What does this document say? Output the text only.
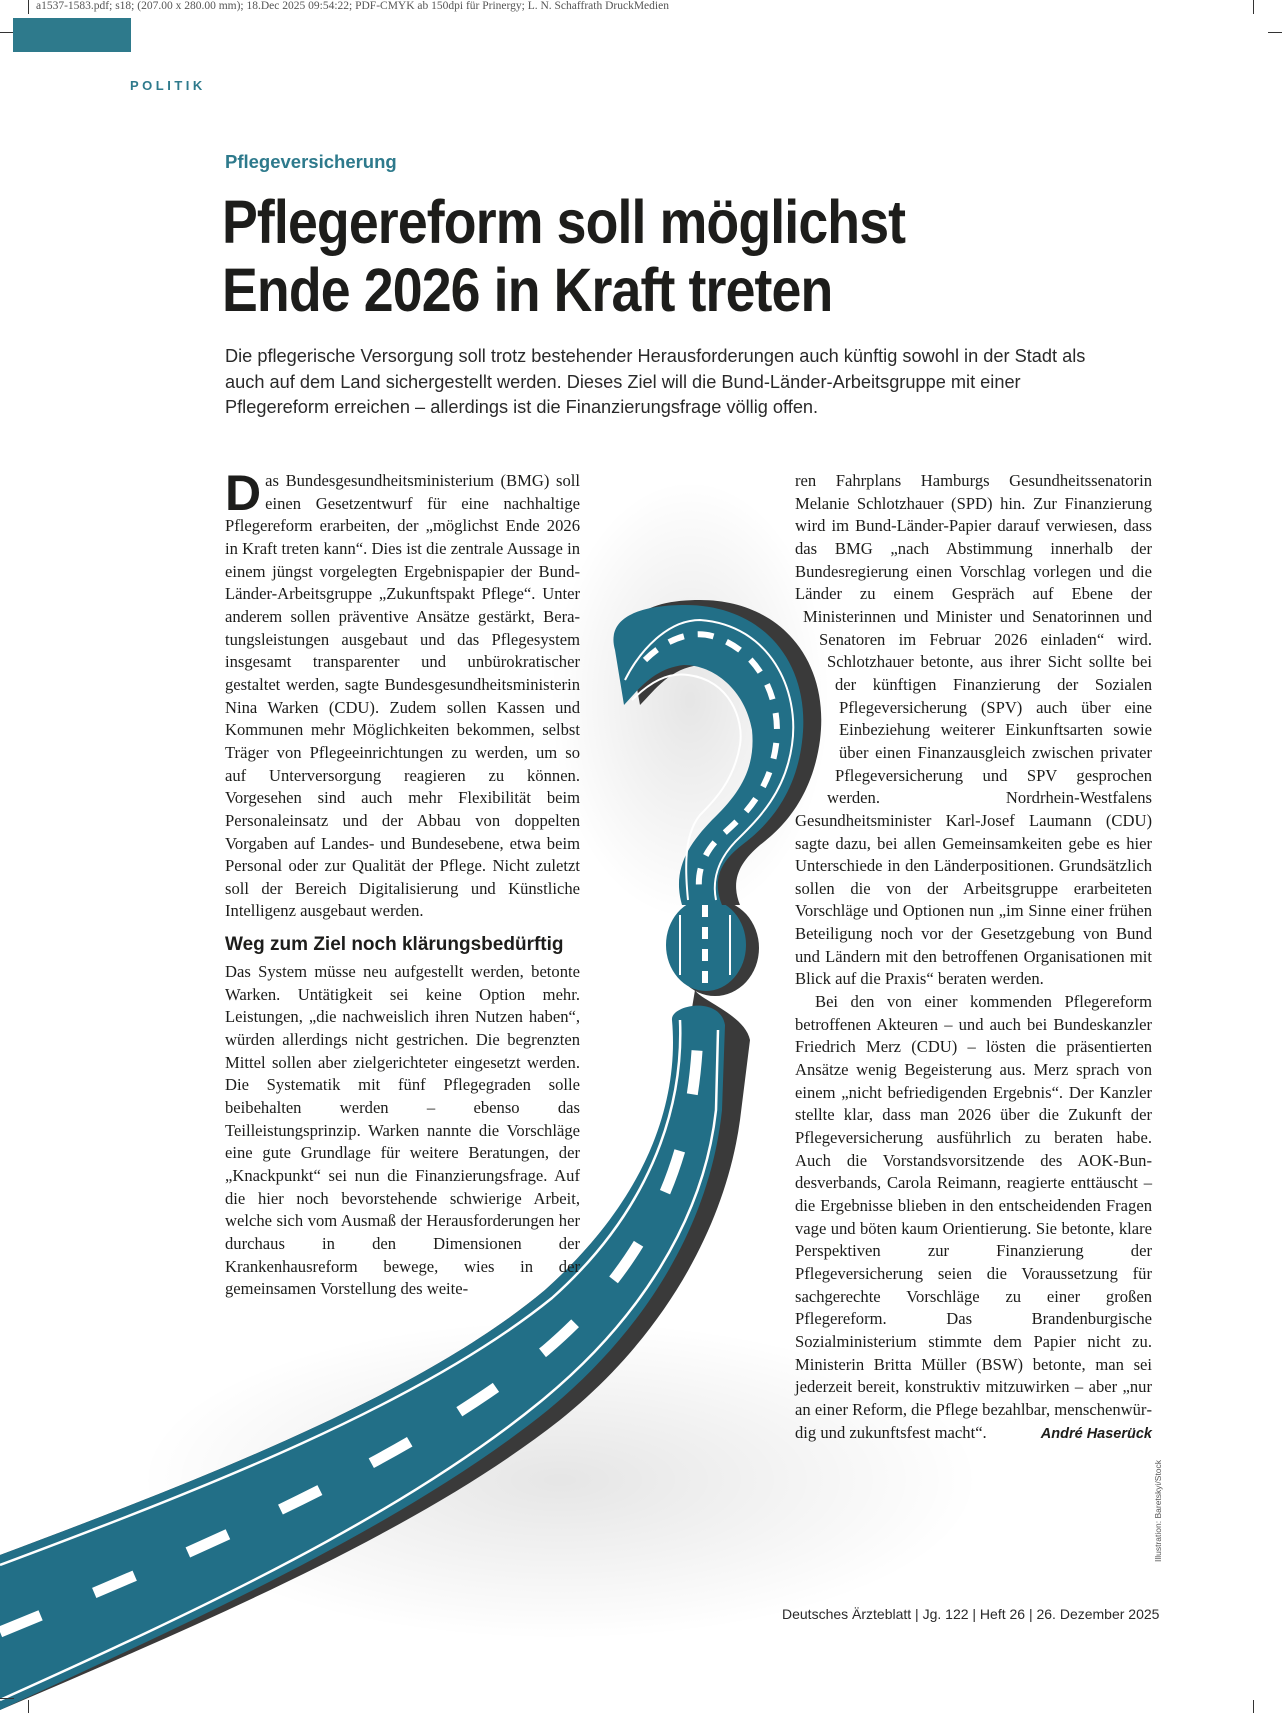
a1537-1583.pdf; s18; (207.00 x 280.00 mm); 18.Dec 2025 09:54:22; PDF-CMYK ab 150dpi für Prinergy; L. N. Schaffrath DruckMedien
POLITIK
Pflegeversicherung
Pflegereform soll möglichst
Ende 2026 in Kraft treten

Die pflegerische Versorgung soll trotz bestehender Herausforderungen auch künftig sowohl in der Stadt als auch auf dem Land sichergestellt werden. Dieses Ziel will die Bund-Länder-Arbeitsgruppe mit einer Pflegereform erreichen – allerdings ist die Finanzierungsfrage völlig offen.

Das Bundesgesundheitsministerium (BMG) soll einen Gesetzentwurf für eine nachhaltige Pflegereform erarbeiten, der „möglichst Ende 2026 in Kraft treten kann“. Dies ist die zentrale Aussage in einem jüngst vorgelegten Ergebnispapier der Bund-Länder-Arbeitsgruppe „Zukunftspakt Pflege“. Unter anderem sollen präventive Ansätze gestärkt, Beratungsleistungen ausgebaut und das Pflegesystem insgesamt transparenter und unbürokratischer gestaltet werden, sagte Bundesgesundheitsministerin Nina Warken (CDU). Zudem sollen Kassen und Kommunen mehr Möglichkeiten bekommen, selbst Träger von Pflegeeinrichtungen zu werden, um so auf Unterversorgung reagieren zu können. Vorgesehen sind auch mehr Flexibilität beim Personaleinsatz und der Abbau von doppelten Vorgaben auf Landes- und Bundesebene, etwa beim Personal oder zur Qualität der Pflege. Nicht zuletzt soll der Bereich Digitalisierung und Künstliche Intelligenz ausgebaut werden.

Weg zum Ziel noch klärungsbedürftig

Das System müsse neu aufgestellt werden, betonte Warken. Untätigkeit sei keine Option mehr. Leistungen, „die nachweislich ihren Nutzen haben“, würden allerdings nicht gestrichen. Die begrenzten Mittel sollen aber zielgerichteter eingesetzt werden. Die Systematik mit fünf Pflegegraden solle beibehalten werden – ebenso das Teilleistungsprinzip. Warken nannte die Vorschläge eine gute Grundlage für weitere Beratungen, der „Knackpunkt“ sei nun die Finanzierungsfrage. Auf die hier noch bevorstehende schwierige Arbeit, welche sich vom Ausmaß der Herausforderungen her durchaus in den Dimensionen der Krankenhausreform bewege, wies in der gemeinsamen Vorstellung des weite-

ren Fahrplans Hamburgs Gesundheitssenatorin Melanie Schlotzhauer (SPD) hin. Zur Finanzierung wird im Bund-Länder-Papier darauf verwiesen, dass das BMG „nach Abstimmung innerhalb der Bundesregierung einen Vorschlag vorlegen und die Länder zu einem Gespräch auf Ebene der Ministerinnen und Minister und Senatorinnen und Senatoren im Februar 2026 einladen“ wird. Schlotzhauer betonte, aus ihrer Sicht sollte bei der künftigen Finanzierung der Sozialen Pflegeversicherung (SPV) auch über eine Einbeziehung weiterer Einkunftsarten sowie über einen Finanzausgleich zwischen privater Pflegeversicherung und SPV gesprochen werden. Nordrhein-Westfalens Gesundheitsminister Karl-Josef Laumann (CDU) sagte dazu, bei allen Gemeinsamkeiten gebe es hier Unterschiede in den Länderpositionen. Grundsätzlich sollen die von der Arbeitsgruppe erarbeiteten Vorschläge und Optionen nun „im Sinne einer frühen Beteiligung noch vor der Gesetzgebung von Bund und Ländern mit den betroffenen Organisationen mit Blick auf die Praxis“ beraten werden.

Bei den von einer kommenden Pflegereform betroffenen Akteuren – und auch bei Bundeskanzler Friedrich Merz (CDU) – lösten die präsentierten Ansätze wenig Begeisterung aus. Merz sprach von einem „nicht befriedigenden Ergebnis“. Der Kanzler stellte klar, dass man 2026 über die Zukunft der Pflegeversicherung ausführlich zu beraten habe. Auch die Vorstandsvorsitzende des AOK-Bundesverbands, Carola Reimann, reagierte enttäuscht – die Ergebnisse blieben in den entscheidenden Fragen vage und böten kaum Orientierung. Sie betonte, klare Perspektiven zur Finanzierung der Pflegeversicherung seien die Voraussetzung für sachgerechte Vorschläge zu einer großen Pflegereform. Das Brandenburgische Sozialministerium stimmte dem Papier nicht zu. Ministerin Britta Müller (BSW) betonte, man sei jederzeit bereit, konstruktiv mitzuwirken – aber „nur an einer Reform, die Pflege bezahlbar, menschenwürdig und zukunftsfest macht“.	André Haserück

Illustration: Baretskyi/Stock
Deutsches Ärzteblatt | Jg. 122 | Heft 26 | 26. Dezember 2025
